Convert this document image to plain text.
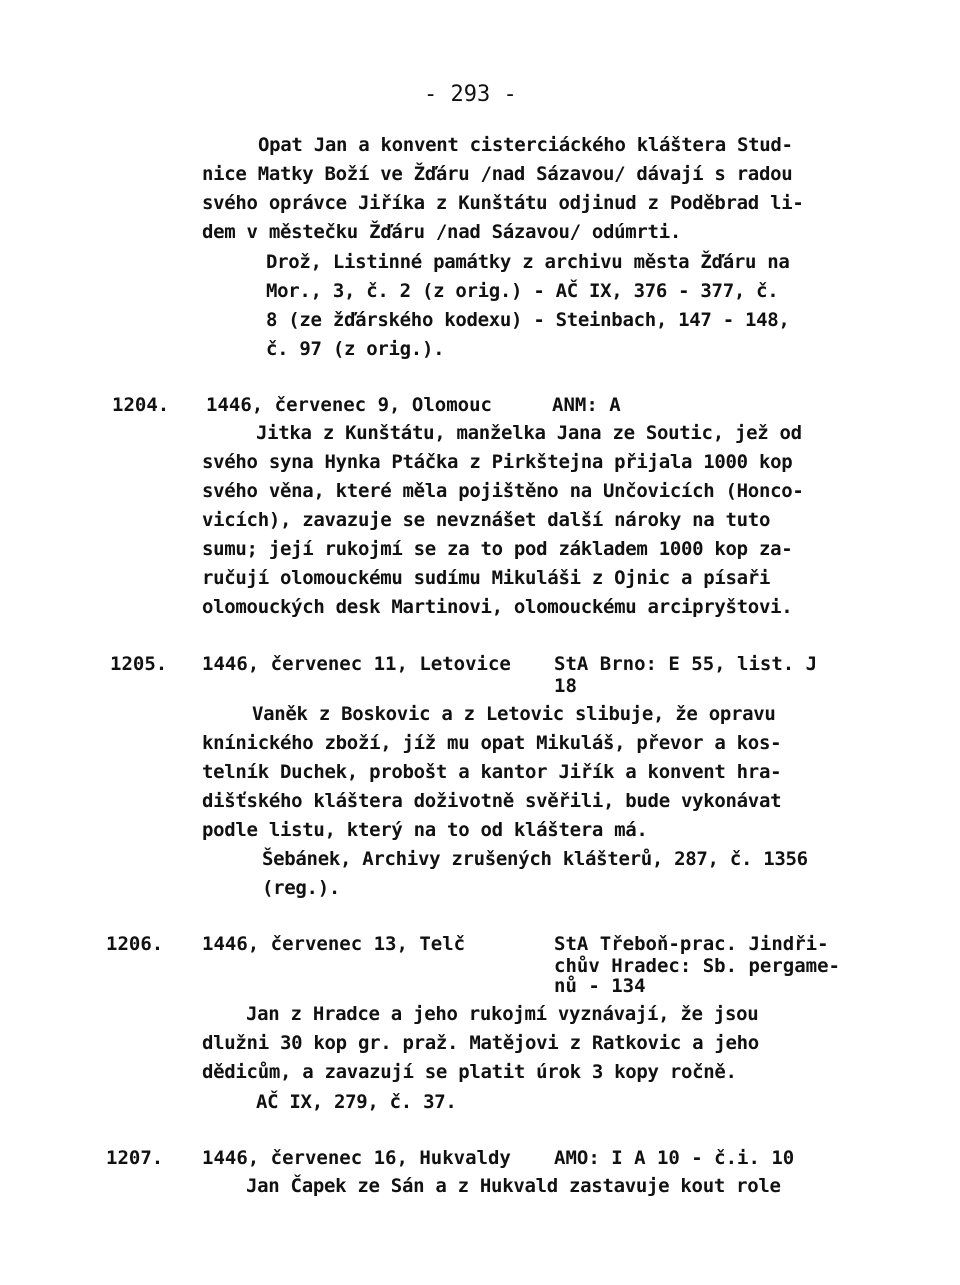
- 293 -
Opat Jan a konvent cisterciáckého kláštera Stud-
nice Matky Boží ve Žďáru /nad Sázavou/ dávají s radou
svého oprávce Jiříka z Kunštátu odjinud z Poděbrad li-
dem v městečku Žďáru /nad Sázavou/ odúmrti.
Drož, Listinné památky z archivu města Žďáru na
Mor., 3, č. 2 (z orig.) - AČ IX, 376 - 377, č.
8 (ze žďárského kodexu) - Steinbach, 147 - 148,
č. 97 (z orig.).
1204. 1446, červenec 9, Olomouc	ANM: A
Jitka z Kunštátu, manželka Jana ze Soutic, jež od
svého syna Hynka Ptáčka z Pirkštejna přijala 1000 kop
svého věna, které měla pojištěno na Unčovicích (Honco-
vicích), zavazuje se nevznášet další nároky na tuto
sumu; její rukojmí se za to pod základem 1000 kop za-
ručují olomouckému sudímu Mikuláši z Ojnic a písaři
olomouckých desk Martinovi, olomouckému arcipryštovi.
1205. 1446, červenec 11, Letovice StA Brno: E 55, list. J
18
Vaněk z Boskovic a z Letovic slibuje, že opravu
knínického zboží, jíž mu opat Mikuláš, převor a kos-
telník Duchek, probošt a kantor Jiřík a konvent hra-
dišťského kláštera doživotně svěřili, bude vykonávat
podle listu, který na to od kláštera má.
Šebánek, Archivy zrušených klášterů, 287, č. 1356
(reg.).
1206. 1446, červenec 13, Telč	StA Třeboň-prac. Jindři-
chův Hradec: Sb. pergame-
nů - 134
Jan z Hradce a jeho rukojmí vyznávají, že jsou
dlužni 30 kop gr. praž. Matějovi z Ratkovic a jeho
dědicům, a zavazují se platit úrok 3 kopy ročně.
AČ IX, 279, č. 37.
1207. 1446, červenec 16, Hukvaldy AMO: I A 10 - č.i. 10
Jan Čapek ze Sán a z Hukvald zastavuje kout role
